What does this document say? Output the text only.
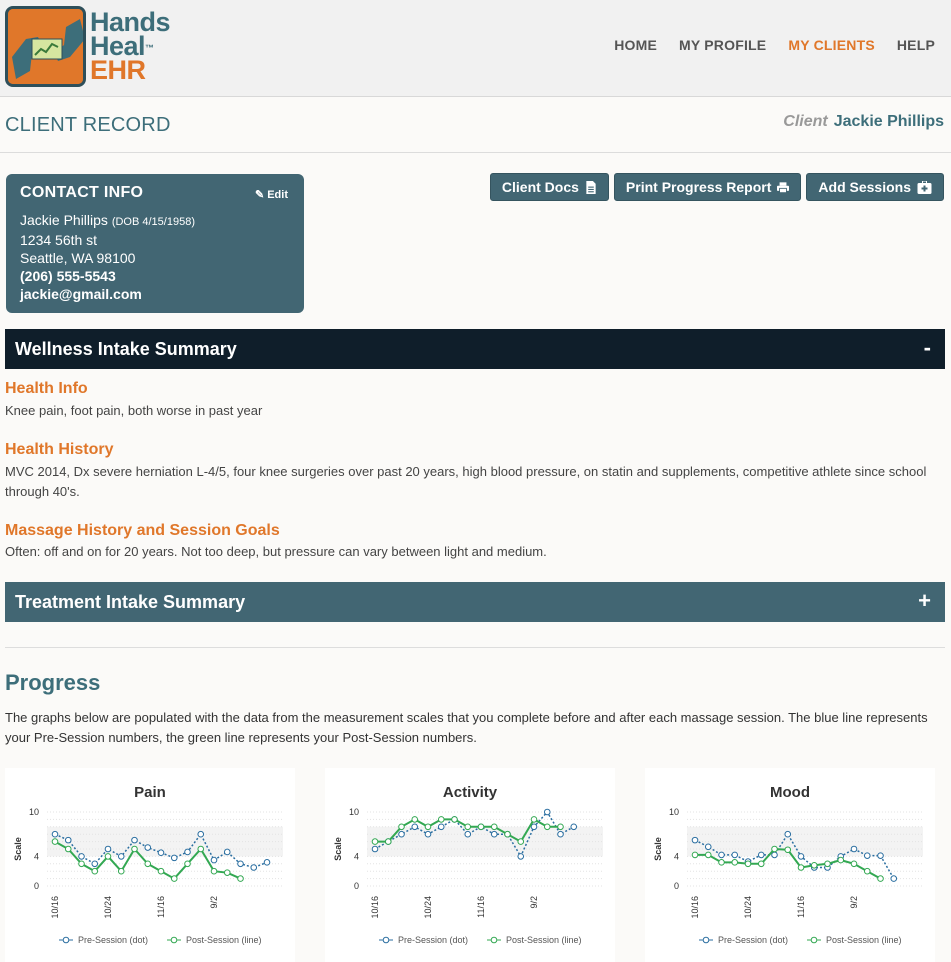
Hands
Heal™
EHR
HOME MY PROFILE MY CLIENTS HELP
CLIENT RECORD	Client Jackie Phillips
CONTACT INFO	✎ Edit
Jackie Phillips (DOB 4/15/1958)
1234 56th st
Seattle, WA 98100
(206) 555-5543
jackie@gmail.com
Client Docs	Print Progress Report	Add Sessions
Wellness Intake Summary	-
Health Info

Knee pain, foot pain, both worse in past year

Health History

MVC 2014, Dx severe herniation L-4/5, four knee surgeries over past 20 years, high blood pressure, on statin and supplements, competitive athlete since school through 40's.

Massage History and Session Goals

Often: off and on for 20 years. Not too deep, but pressure can vary between light and medium.

Treatment Intake Summary	+
Progress
The graphs below are populated with the data from the measurement scales that you complete before and after each massage session. The blue line represents your Pre-Session numbers, the green line represents your Post-Session numbers.
Pain
0
4
10
Scale
10/16	10/24	11/16	9/2
Pre-Session (dot)	Post-Session (line)
Activity
0
4
10
Scale
10/16	10/24	11/16	9/2
Pre-Session (dot)	Post-Session (line)
Mood
0
4
10
Scale
10/16	10/24	11/16	9/2
Pre-Session (dot)	Post-Session (line)
